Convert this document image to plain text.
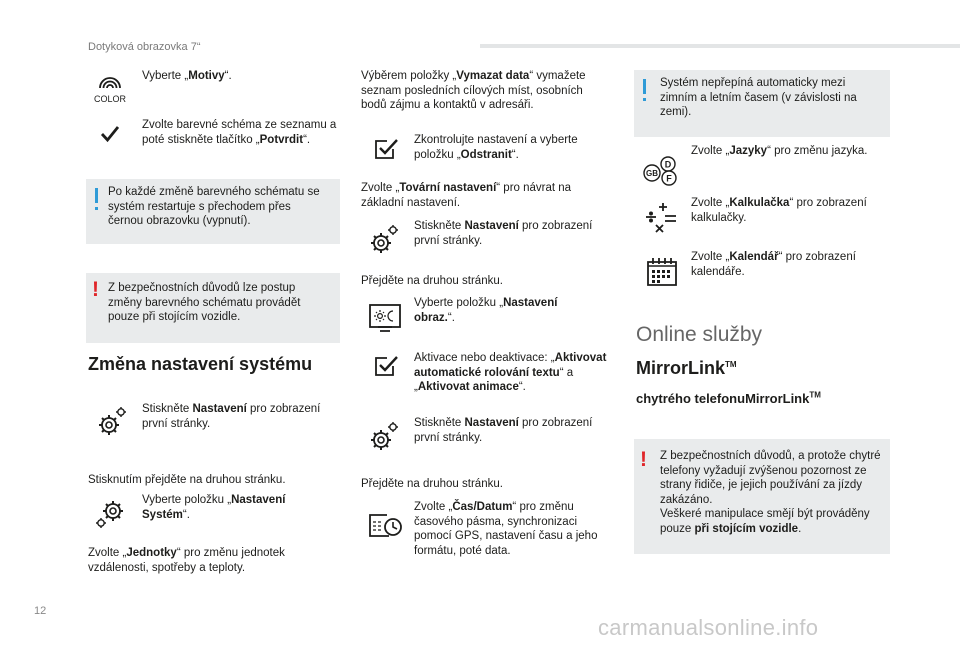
Dotyková obrazovka 7“
COLOR
Vyberte „Motivy“.
Zvolte barevné schéma ze seznamu a poté stiskněte tlačítko „Potvrdit“.
Po každé změně barevného schématu se systém restartuje s přechodem přes černou obrazovku (vypnutí).
! Z bezpečnostních důvodů lze postup změny barevného schématu provádět pouze při stojícím vozidle.
Změna nastavení systému
Stiskněte Nastavení pro zobrazení první stránky.
Stisknutím přejděte na druhou stránku.
Vyberte položku „Nastavení Systém“.
Zvolte „Jednotky“ pro změnu jednotek vzdálenosti, spotřeby a teploty.
Výběrem položky „Vymazat data“ vymažete seznam posledních cílových míst, osobních bodů zájmu a kontaktů v adresáři.
Zkontrolujte nastavení a vyberte položku „Odstranit“.
Zvolte „Tovární nastavení“ pro návrat na základní nastavení.
Stiskněte Nastavení pro zobrazení první stránky.
Přejděte na druhou stránku.
Vyberte položku „Nastavení obraz.“.
Aktivace nebo deaktivace: „Aktivovat automatické rolování textu“ a „Aktivovat animace“.
Stiskněte Nastavení pro zobrazení první stránky.
Přejděte na druhou stránku.
Zvolte „Čas/Datum“ pro změnu časového pásma, synchronizaci pomocí GPS, nastavení času a jeho formátu, poté data.
Systém nepřepíná automaticky mezi zimním a letním časem (v závislosti na zemi).
D
GB F
Zvolte „Jazyky“ pro změnu jazyka.
Zvolte „Kalkulačka“ pro zobrazení kalkulačky.
Zvolte „Kalendář“ pro zobrazení kalendáře.
Online služby
MirrorLink™
chytrého telefonuMirrorLink™
! Z bezpečnostních důvodů, a protože chytré telefony vyžadují zvýšenou pozornost ze strany řidiče, je jejich používání za jízdy zakázáno.
Veškeré manipulace smějí být prováděny pouze při stojícím vozidle.
12
carmanualsonline.info
